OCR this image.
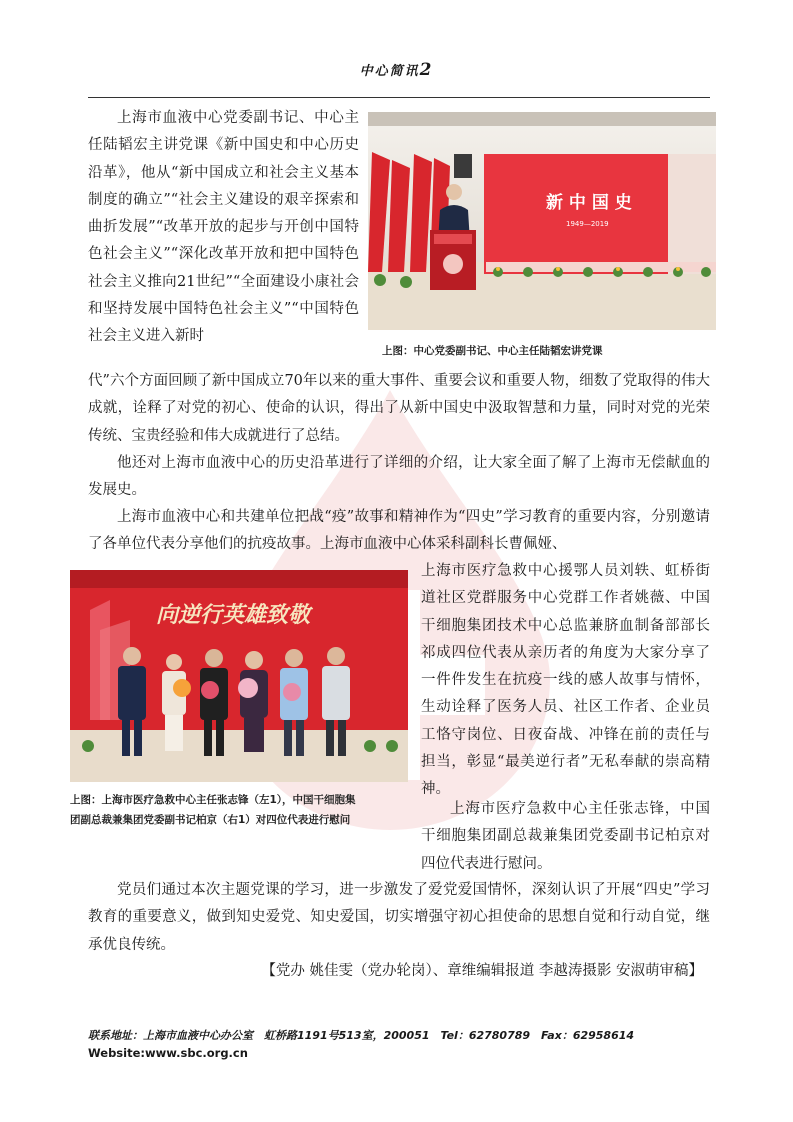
中心简讯2

上海市血液中心党委副书记、中心主任陆韬宏主讲党课《新中国史和中心历史沿革》，他从“新中国成立和社会主义基本制度的确立”“社会主义建设的艰辛探索和曲折发展”“改革开放的起步与开创中国特色社会主义”“深化改革开放和把中国特色社会主义推向21世纪”“全面建设小康社会和坚持发展中国特色社会主义”“中国特色社会主义进入新时

新 中 国 史
1949—2019

上图：中心党委副书记、中心主任陆韬宏讲党课

代”六个方面回顾了新中国成立70年以来的重大事件、重要会议和重要人物，细数了党取得的伟大成就，诠释了对党的初心、使命的认识，得出了从新中国史中汲取智慧和力量，同时对党的光荣传统、宝贵经验和伟大成就进行了总结。

他还对上海市血液中心的历史沿革进行了详细的介绍，让大家全面了解了上海市无偿献血的发展史。

上海市血液中心和共建单位把战“疫”故事和精神作为“四史”学习教育的重要内容，分别邀请了各单位代表分享他们的抗疫故事。上海市血液中心体采科副科长曹佩娅、

向逆行英雄致敬

上图：上海市医疗急救中心主任张志锋（左1），中国干细胞集
团副总裁兼集团党委副书记柏京（右1）对四位代表进行慰问

上海市医疗急救中心援鄂人员刘轶、虹桥街道社区党群服务中心党群工作者姚薇、中国干细胞集团技术中心总监兼脐血制备部部长祁成四位代表从亲历者的角度为大家分享了一件件发生在抗疫一线的感人故事与情怀，生动诠释了医务人员、社区工作者、企业员工恪守岗位、日夜奋战、冲锋在前的责任与担当，彰显“最美逆行者”无私奉献的崇高精神。

上海市医疗急救中心主任张志锋，中国干细胞集团副总裁兼集团党委副书记柏京对四位代表进行慰问。

党员们通过本次主题党课的学习，进一步激发了爱党爱国情怀，深刻认识了开展“四史”学习教育的重要意义，做到知史爱党、知史爱国，切实增强守初心担使命的思想自觉和行动自觉，继承优良传统。

【党办 姚佳雯（党办轮岗）、章维编辑报道 李越涛摄影 安淑萌审稿】

联系地址：上海市血液中心办公室　虹桥路1191号513室，200051　Tel：62780789　Fax：62958614
Website:www.sbc.org.cn
